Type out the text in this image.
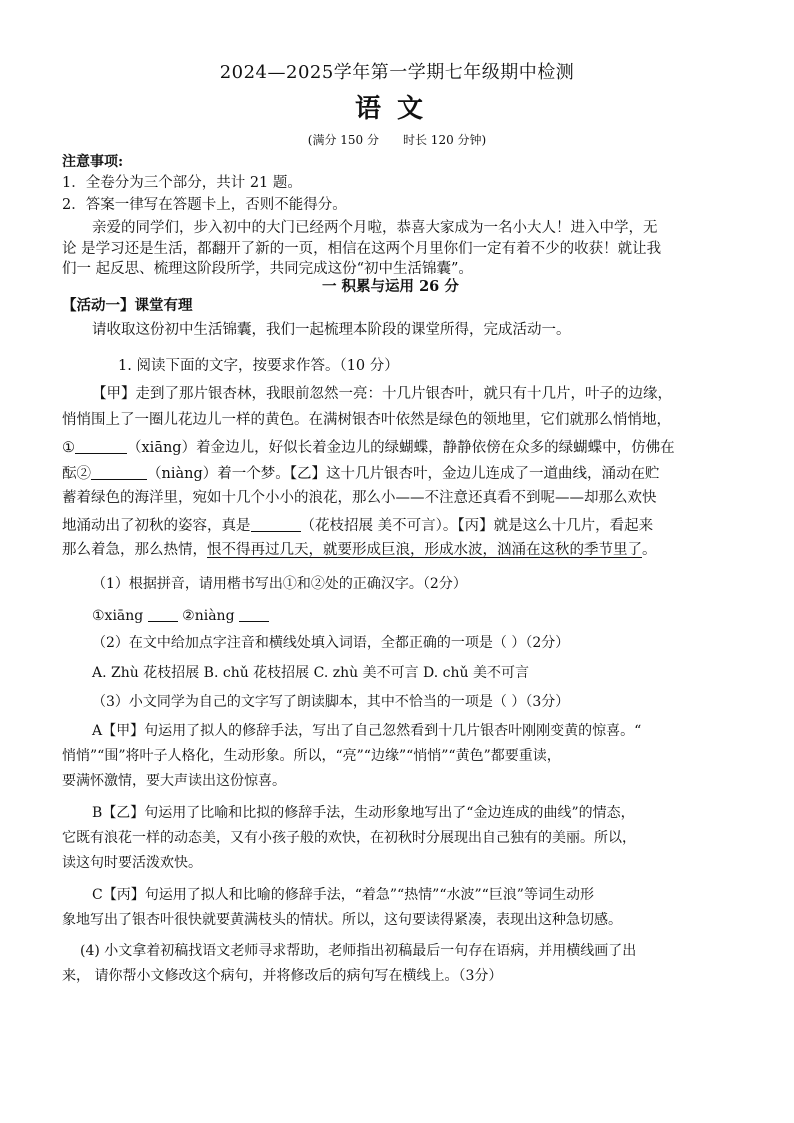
2024—2025学年第一学期七年级期中检测
语文
(满分 150 分　　时长 120 分钟)
注意事项:
1．全卷分为三个部分，共计 21 题。
2．答案一律写在答题卡上，否则不能得分。
亲爱的同学们，步入初中的大门已经两个月啦，恭喜大家成为一名小大人！进入中学，无
论 是学习还是生活，都翻开了新的一页，相信在这两个月里你们一定有着不少的收获！就让我
们一 起反思、梳理这阶段所学，共同完成这份“初中生活锦囊”。
一 积累与运用 26 分
【活动一】课堂有理
请收取这份初中生活锦囊，我们一起梳理本阶段的课堂所得，完成活动一。
1. 阅读下面的文字，按要求作答。（10 分）
【甲】走到了那片银杏林，我眼前忽然一亮：十几片银杏叶，就只有十几片，叶子的边缘，
悄悄围上了一圈儿花边儿一样的黄色。在满树银杏叶依然是绿色的领地里，它们就那么悄悄地，
①	（xiāng）着金边儿，好似长着金边儿的绿蝴蝶，静静依傍在众多的绿蝴蝶中，仿佛在
酝②	（niàng）着一个梦。【乙】这十几片银杏叶，金边儿连成了一道曲线，涌动在贮
蓄着绿色的海洋里，宛如十几个小小的浪花，那么小——不注意还真看不到呢——却那么欢快
地涌动出了初秋的姿容，真是	（花枝招展 美不可言）。【丙】就是这么十几片，看起来
那么着急，那么热情，恨不得再过几天，就要形成巨浪，形成水波，汹涌在这秋的季节里了。
（1）根据拼音，请用楷书写出①和②处的正确汉字。（2分）
①xiāng	②niàng
（2）在文中给加点字注音和横线处填入词语，全都正确的一项是（ ）（2分）
A. Zhù 花枝招展 B. chǔ 花枝招展 C. zhù 美不可言 D. chǔ 美不可言
（3）小文同学为自己的文字写了朗读脚本，其中不恰当的一项是（ ）（3分）
A【甲】句运用了拟人的修辞手法，写出了自己忽然看到十几片银杏叶刚刚变黄的惊喜。“
悄悄”“围”将叶子人格化，生动形象。所以，“亮”“边缘”“悄悄”“黄色”都要重读，
要满怀激情，要大声读出这份惊喜。
B【乙】句运用了比喻和比拟的修辞手法，生动形象地写出了“金边连成的曲线”的情态，
它既有浪花一样的动态美，又有小孩子般的欢快，在初秋时分展现出自己独有的美丽。所以，
读这句时要活泼欢快。
C【丙】句运用了拟人和比喻的修辞手法，“着急”“热情”“水波”“巨浪”等词生动形
象地写出了银杏叶很快就要黄满枝头的情状。所以，这句要读得紧凑，表现出这种急切感。
(4) 小文拿着初稿找语文老师寻求帮助，老师指出初稿最后一句存在语病，并用横线画了出
来， 请你帮小文修改这个病句，并将修改后的病句写在横线上。（3分）
